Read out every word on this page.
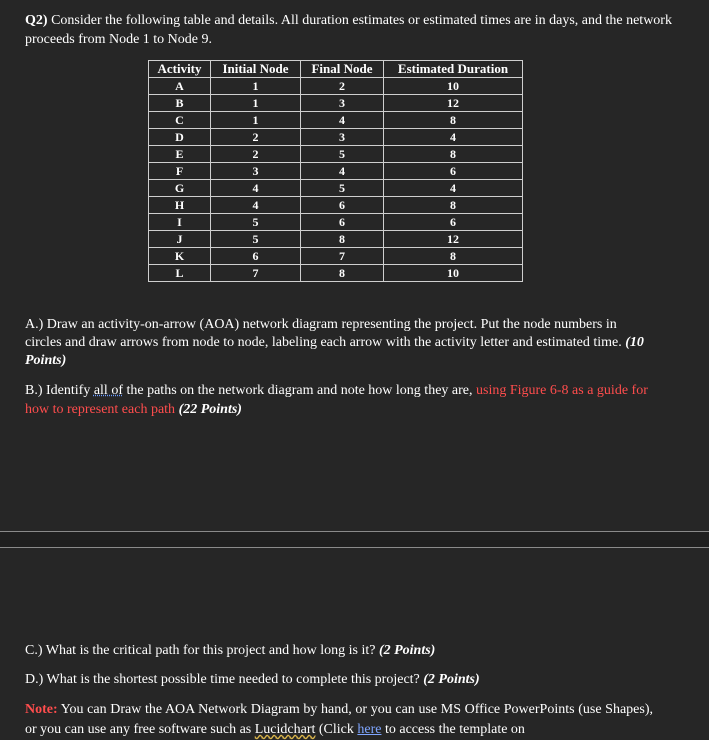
Q2) Consider the following table and details. All duration estimates or estimated times are in days, and the network proceeds from Node 1 to Node 9.

Activity	Initial Node	Final Node	Estimated Duration
A	1	2	10
B	1	3	12
C	1	4	8
D	2	3	4
E	2	5	8
F	3	4	6
G	4	5	4
H	4	6	8
I	5	6	6
J	5	8	12
K	6	7	8
L	7	8	10

A.) Draw an activity-on-arrow (AOA) network diagram representing the project. Put the node numbers in circles and draw arrows from node to node, labeling each arrow with the activity letter and estimated time. (10 Points)

B.) Identify all of the paths on the network diagram and note how long they are, using Figure 6-8 as a guide for how to represent each path (22 Points)

C.) What is the critical path for this project and how long is it? (2 Points)

D.) What is the shortest possible time needed to complete this project? (2 Points)

Note: You can Draw the AOA Network Diagram by hand, or you can use MS Office PowerPoints (use Shapes), or you can use any free software such as Lucidchart (Click here to access the template on
